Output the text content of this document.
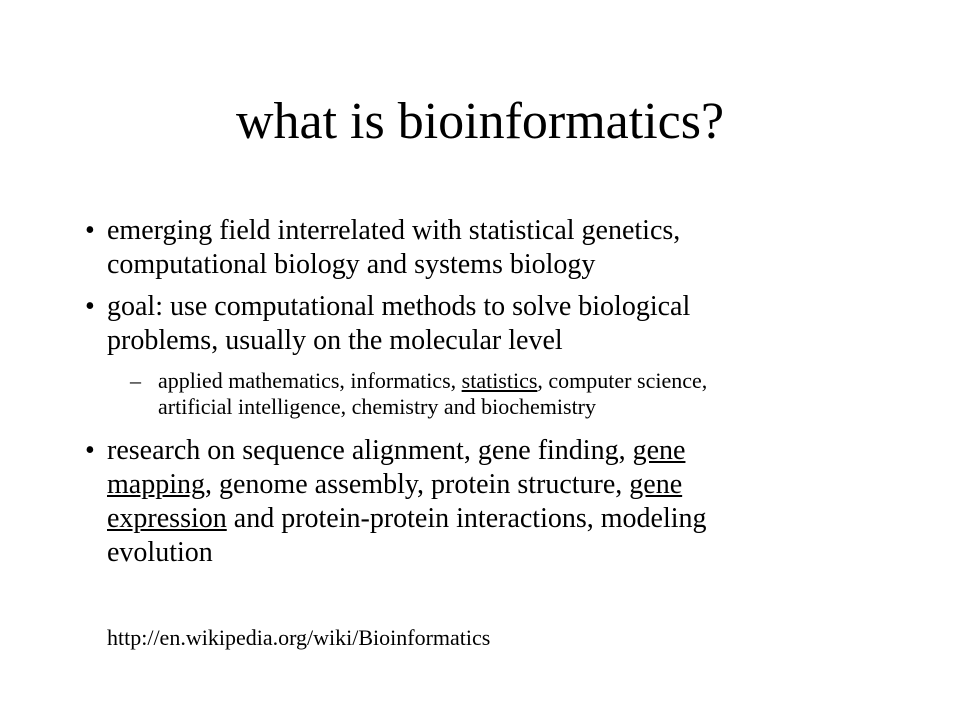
what is bioinformatics?
• emerging field interrelated with statistical genetics,
computational biology and systems biology
• goal: use computational methods to solve biological
problems, usually on the molecular level
– applied mathematics, informatics, statistics, computer science,
artificial intelligence, chemistry and biochemistry
• research on sequence alignment, gene finding, gene
mapping, genome assembly, protein structure, gene
expression and protein-protein interactions, modeling
evolution
http://en.wikipedia.org/wiki/Bioinformatics
